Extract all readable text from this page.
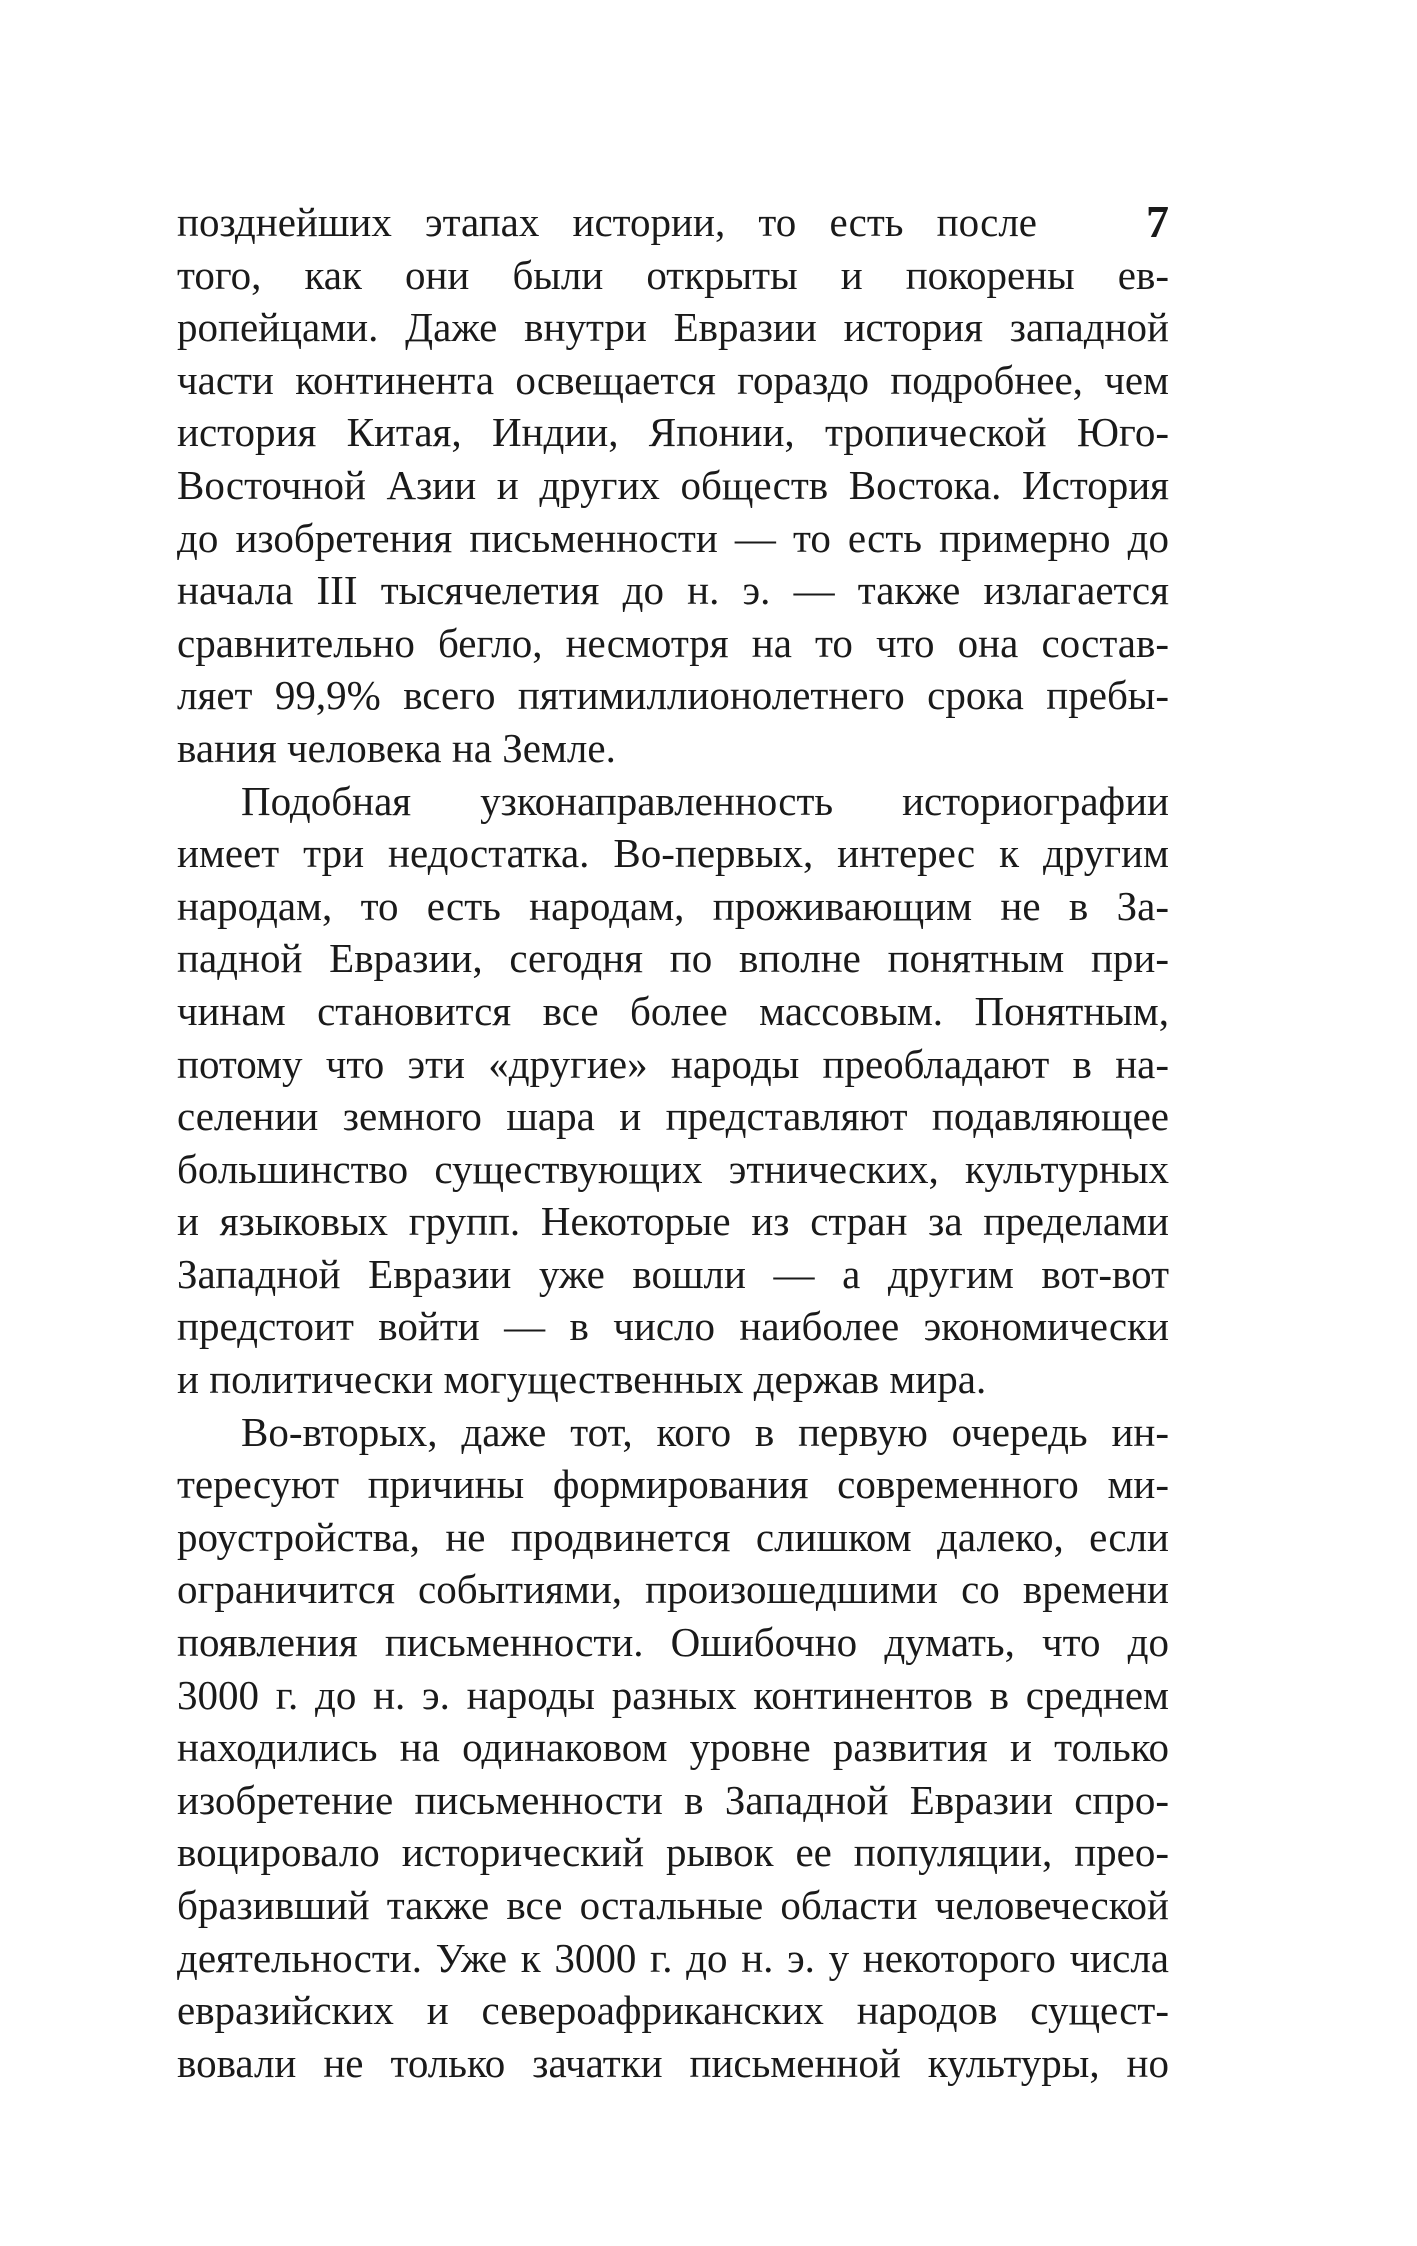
7
позднейших этапах истории, то есть после
того, как они были открыты и покорены ев-
ропейцами. Даже внутри Евразии история западной
части континента освещается гораздо подробнее, чем
история Китая, Индии, Японии, тропической Юго-
Восточной Азии и других обществ Востока. История
до изобретения письменности — то есть примерно до
начала III тысячелетия до н. э. — также излагается
сравнительно бегло, несмотря на то что она состав-
ляет 99,9% всего пятимиллионолетнего срока пребы-
вания человека на Земле.
Подобная узконаправленность историографии
имеет три недостатка. Во-первых, интерес к другим
народам, то есть народам, проживающим не в За-
падной Евразии, сегодня по вполне понятным при-
чинам становится все более массовым. Понятным,
потому что эти «другие» народы преобладают в на-
селении земного шара и представляют подавляющее
большинство существующих этнических, культурных
и языковых групп. Некоторые из стран за пределами
Западной Евразии уже вошли — а другим вот-вот
предстоит войти — в число наиболее экономически
и политически могущественных держав мира.
Во-вторых, даже тот, кого в первую очередь ин-
тересуют причины формирования современного ми-
роустройства, не продвинется слишком далеко, если
ограничится событиями, произошедшими со времени
появления письменности. Ошибочно думать, что до
3000 г. до н. э. народы разных континентов в среднем
находились на одинаковом уровне развития и только
изобретение письменности в Западной Евразии спро-
воцировало исторический рывок ее популяции, прео-
бразивший также все остальные области человеческой
деятельности. Уже к 3000 г. до н. э. у некоторого числа
евразийских и североафриканских народов сущест-
вовали не только зачатки письменной культуры, но
